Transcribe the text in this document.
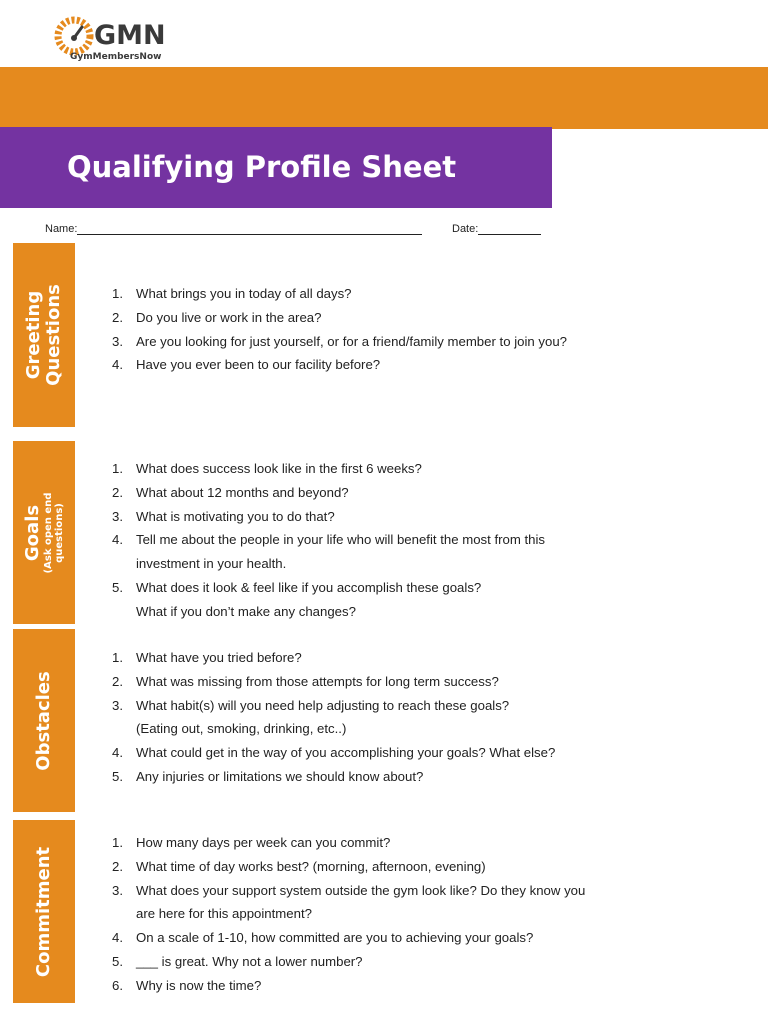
GMN
GymMembersNow
Qualifying Profile Sheet
Name:	Date:
Greeting
Questions	1. What brings you in today of all days?
2. Do you live or work in the area?
3. Are you looking for just yourself, or for a friend/family member to join you?
4. Have you ever been to our facility before?
Goals (Ask open end questions)
1. What does success look like in the first 6 weeks?
2. What about 12 months and beyond?
3. What is motivating you to do that?
4. Tell me about the people in your life who will benefit the most from this
investment in your health.
5. What does it look & feel like if you accomplish these goals?
What if you don’t make any changes?
Obstacles
1. What have you tried before?
2. What was missing from those attempts for long term success?
3. What habit(s) will you need help adjusting to reach these goals?
(Eating out, smoking, drinking, etc..)
4. What could get in the way of you accomplishing your goals? What else?
5. Any injuries or limitations we should know about?
Commitment
1. How many days per week can you commit?
2. What time of day works best? (morning, afternoon, evening)
3. What does your support system outside the gym look like? Do they know you
are here for this appointment?
4. On a scale of 1-10, how committed are you to achieving your goals?
5. ___ is great. Why not a lower number?
6. Why is now the time?
